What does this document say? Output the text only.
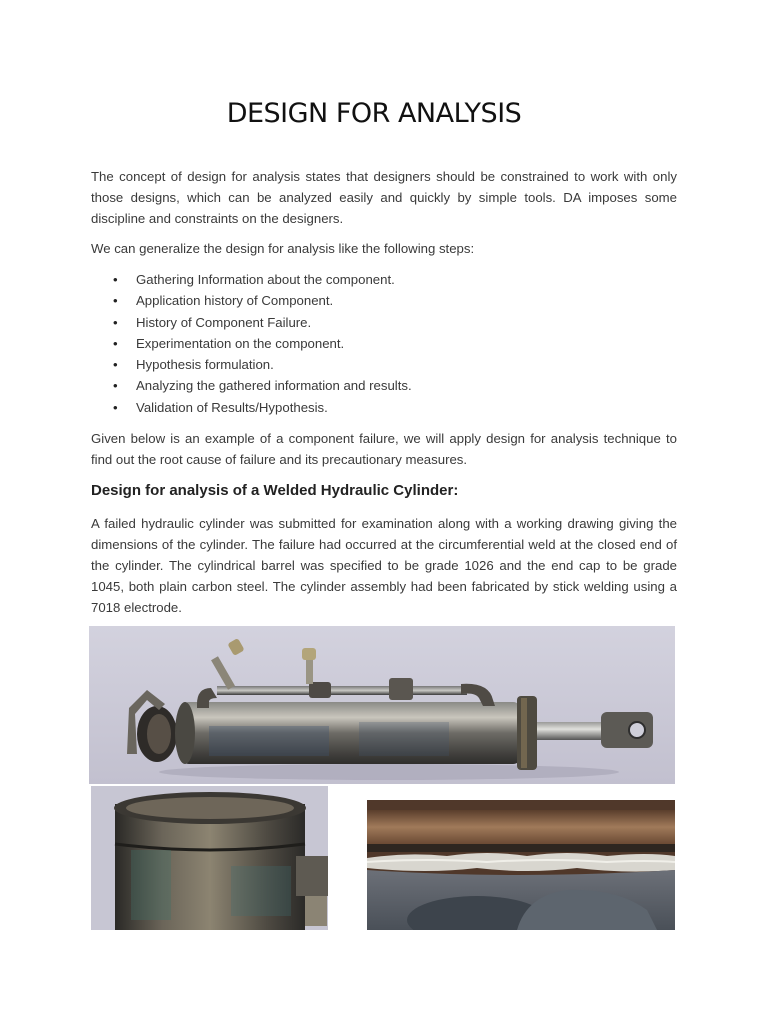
DESIGN FOR ANALYSIS

The concept of design for analysis states that designers should be constrained to work with only those designs, which can be analyzed easily and quickly by simple tools. DA imposes some discipline and constraints on the designers.

We can generalize the design for analysis like the following steps:

• Gathering Information about the component.
• Application history of Component.
• History of Component Failure.
• Experimentation on the component.
• Hypothesis formulation.
• Analyzing the gathered information and results.
• Validation of Results/Hypothesis.

Given below is an example of a component failure, we will apply design for analysis technique to find out the root cause of failure and its precautionary measures.

Design for analysis of a Welded Hydraulic Cylinder:

A failed hydraulic cylinder was submitted for examination along with a working drawing giving the dimensions of the cylinder. The failure had occurred at the circumferential weld at the closed end of the cylinder. The cylindrical barrel was specified to be grade 1026 and the end cap to be grade 1045, both plain carbon steel. The cylinder assembly had been fabricated by stick welding using a 7018 electrode.
